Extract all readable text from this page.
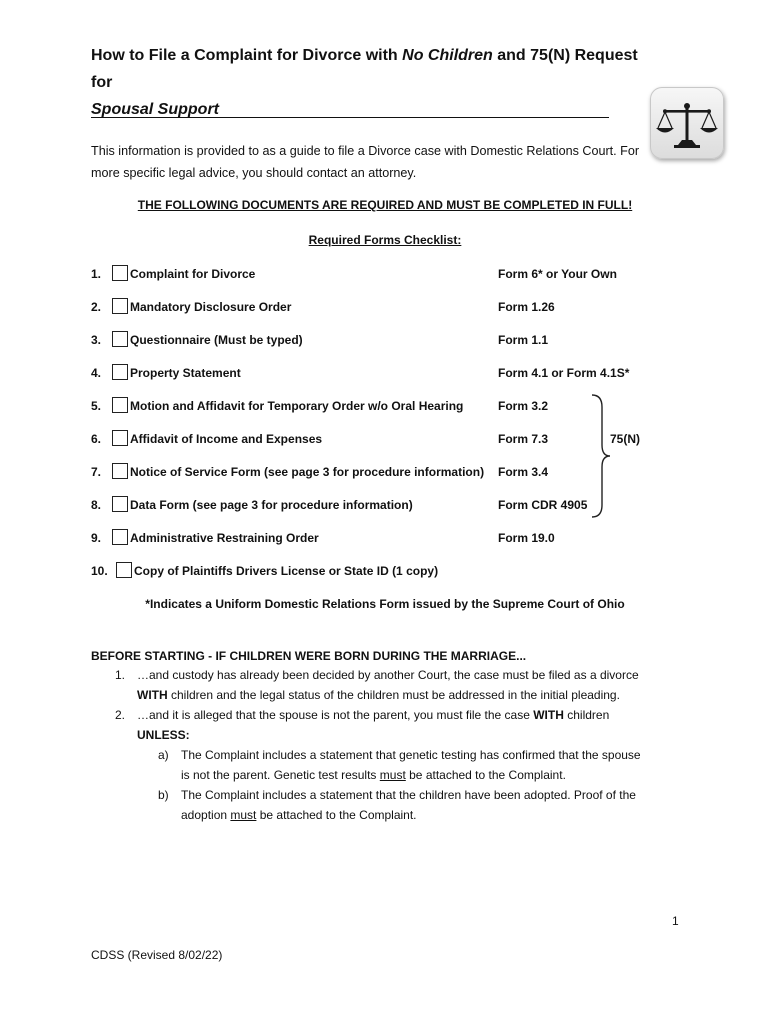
How to File a Complaint for Divorce with No Children and 75(N) Request for
Spousal Support
This information is provided to as a guide to file a Divorce case with Domestic Relations Court. For more specific legal advice, you should contact an attorney.
THE FOLLOWING DOCUMENTS ARE REQUIRED AND MUST BE COMPLETED IN FULL!
Required Forms Checklist:
1. Complaint for Divorce	Form 6* or Your Own
2. Mandatory Disclosure Order	Form 1.26
3. Questionnaire (Must be typed)	Form 1.1
4. Property Statement	Form 4.1 or Form 4.1S*
5. Motion and Affidavit for Temporary Order w/o Oral Hearing	Form 3.2
6. Affidavit of Income and Expenses	Form 7.3
7. Notice of Service Form (see page 3 for procedure information) Form 3.4
8. Data Form (see page 3 for procedure information)	Form CDR 4905
9. Administrative Restraining Order	Form 19.0
10. Copy of Plaintiffs Drivers License or State ID (1 copy)
75(N)
*Indicates a Uniform Domestic Relations Form issued by the Supreme Court of Ohio
BEFORE STARTING - IF CHILDREN WERE BORN DURING THE MARRIAGE...
1. …and custody has already been decided by another Court, the case must be filed as a divorce
WITH children and the legal status of the children must be addressed in the initial pleading.
2. …and it is alleged that the spouse is not the parent, you must file the case WITH children
UNLESS:
a) The Complaint includes a statement that genetic testing has confirmed that the spouse
is not the parent. Genetic test results must be attached to the Complaint.
b) The Complaint includes a statement that the children have been adopted. Proof of the
adoption must be attached to the Complaint.
1
CDSS (Revised 8/02/22)
